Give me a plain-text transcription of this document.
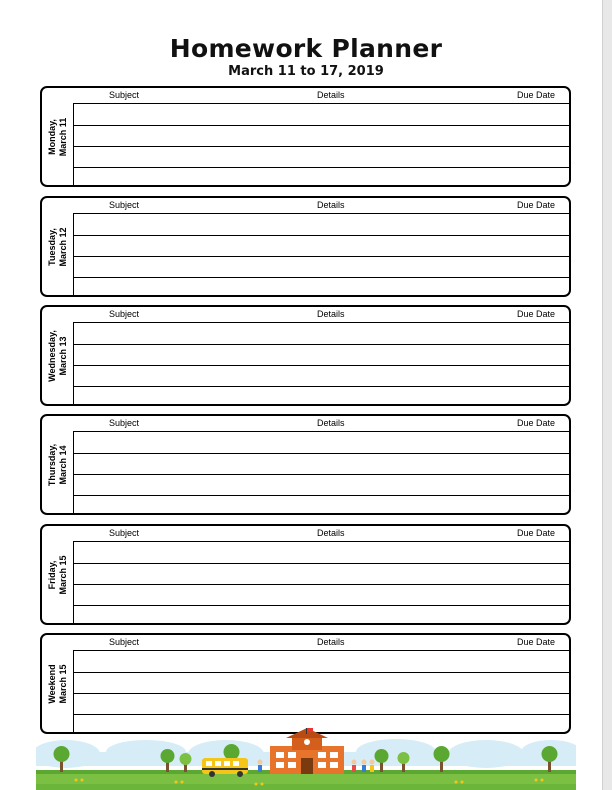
Homework Planner
March 11 to 17, 2019
Monday, March 11
Subject	Details	Due Date
Tuesday, March 12
Subject	Details	Due Date
Wednesday, March 13
Subject	Details	Due Date
Thursday, March 14
Subject	Details	Due Date
Friday, March 15
Subject	Details	Due Date
Weekend March 15
Subject	Details	Due Date
